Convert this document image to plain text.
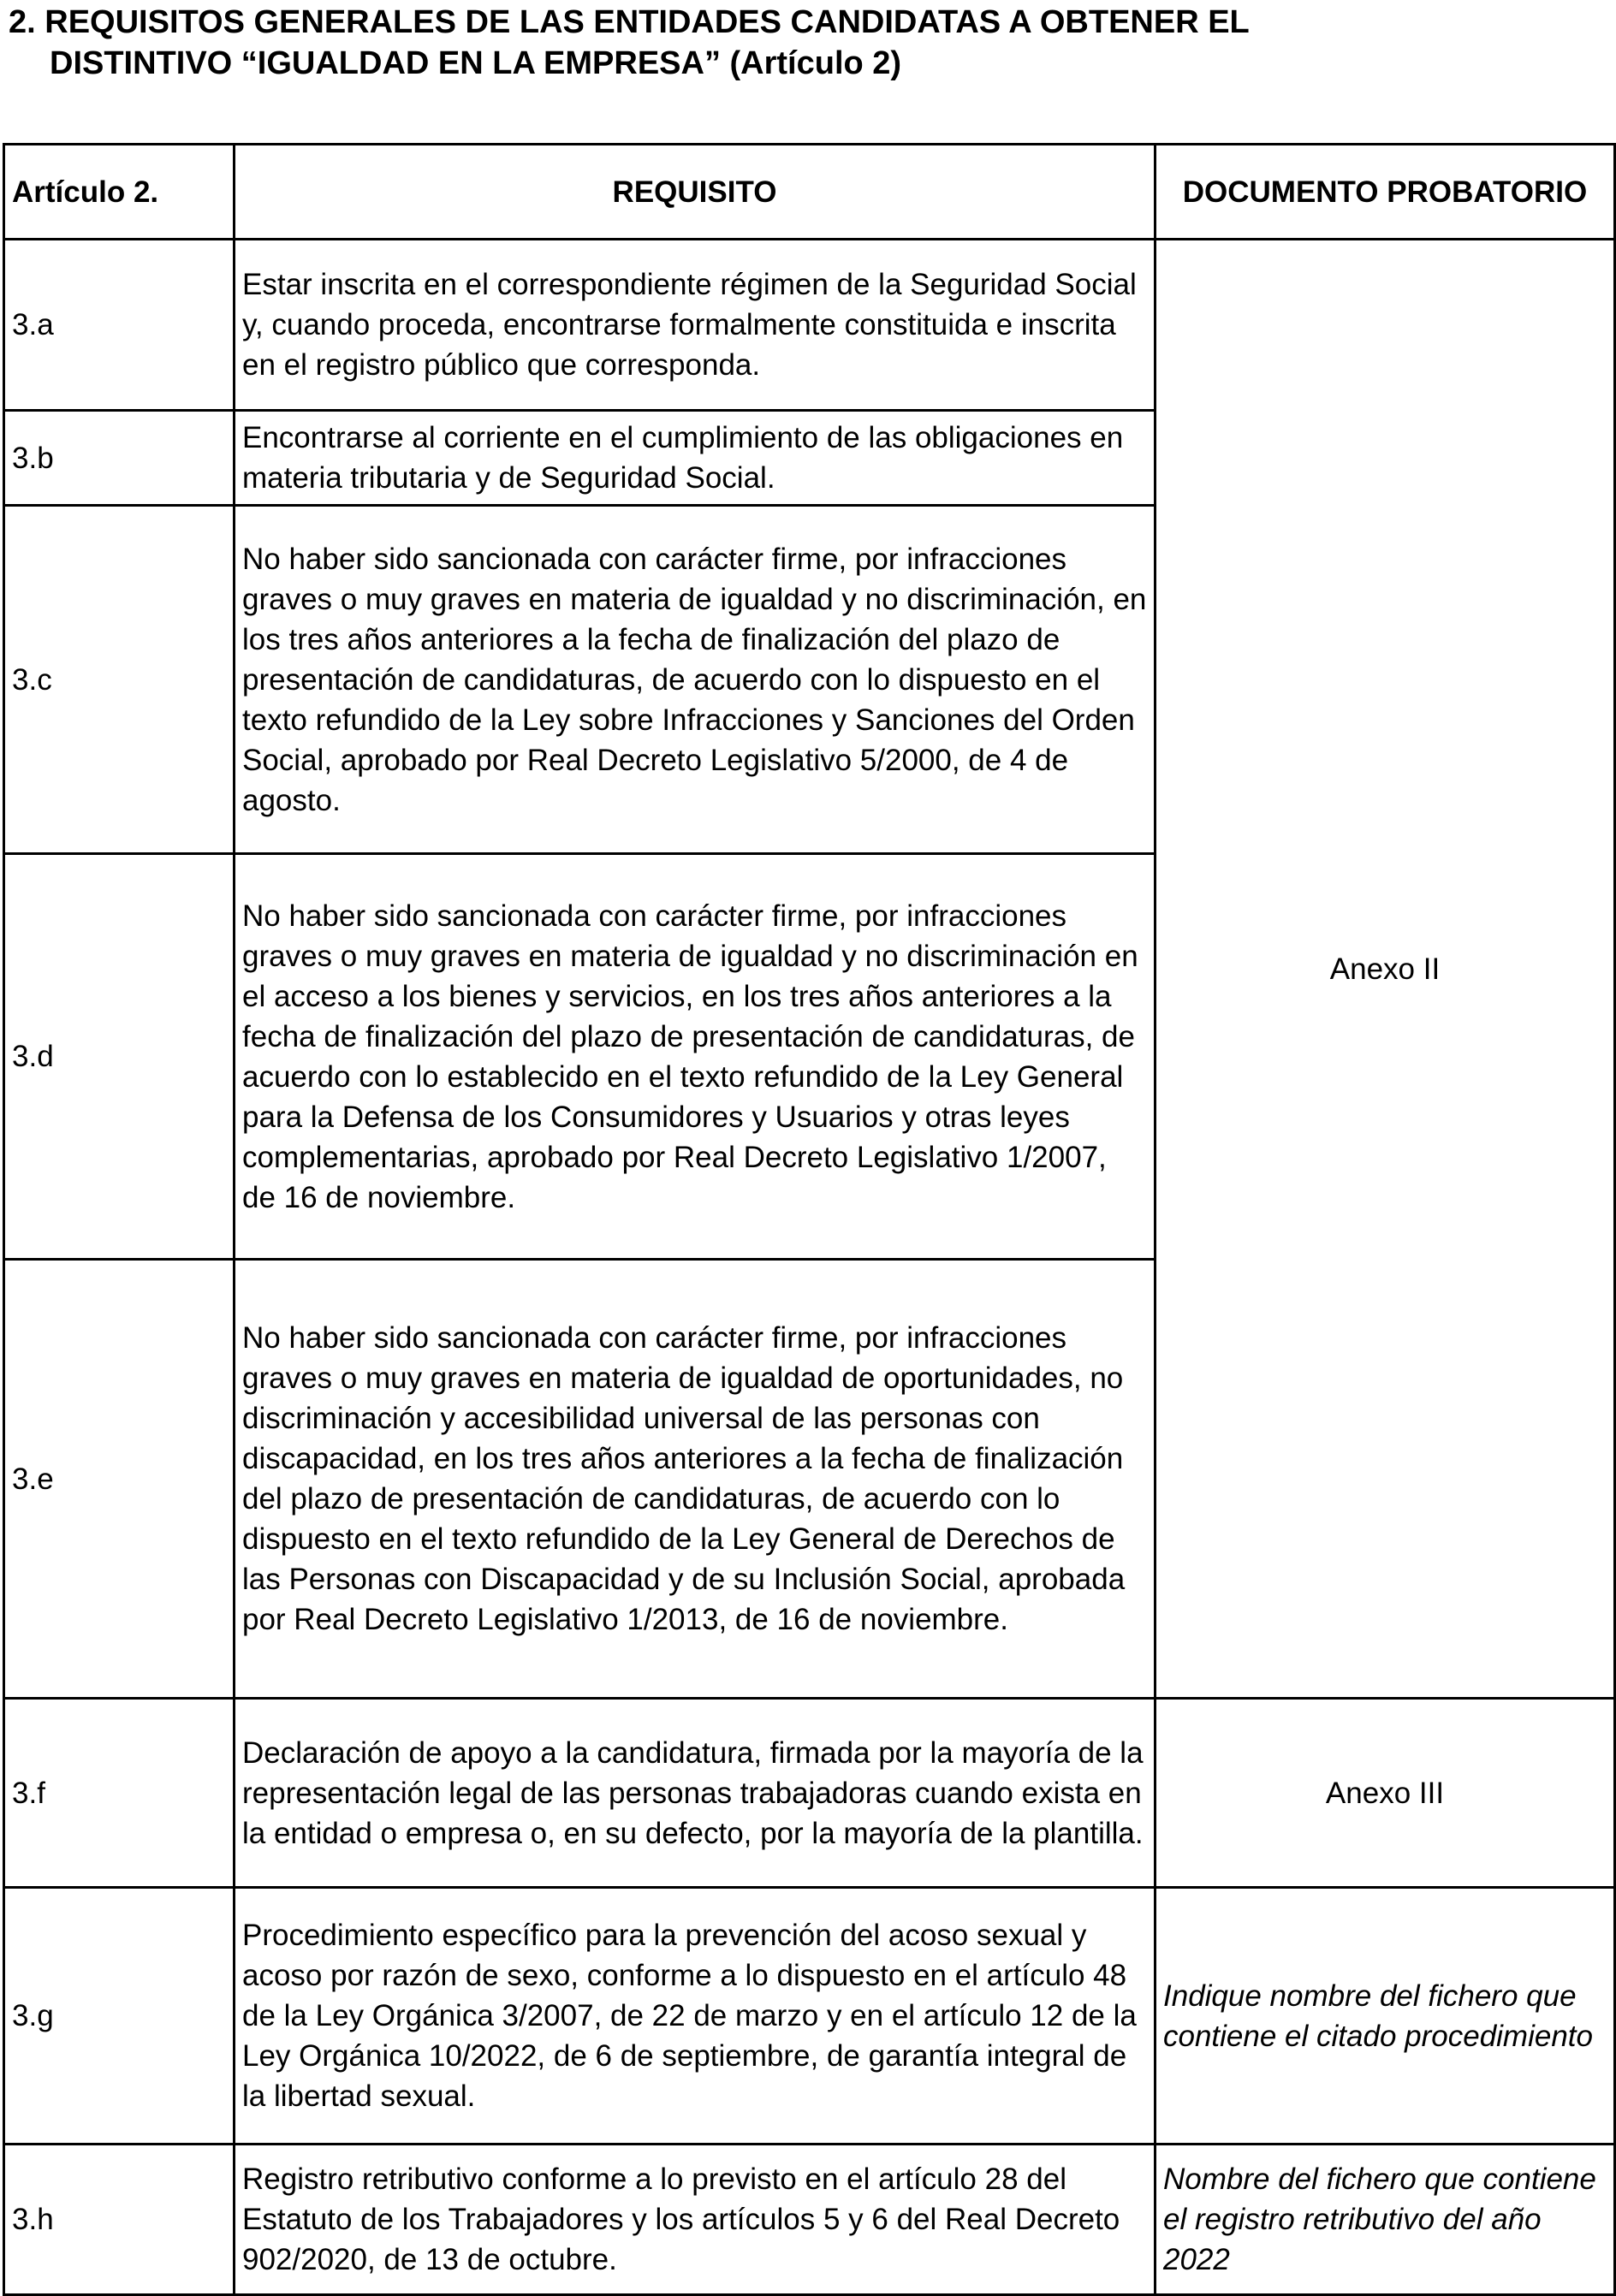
2. REQUISITOS GENERALES DE LAS ENTIDADES CANDIDATAS A OBTENER EL
DISTINTIVO “IGUALDAD EN LA EMPRESA” (Artículo 2)
Artículo 2.	REQUISITO	DOCUMENTO PROBATORIO
3.a	Estar inscrita en el correspondiente régimen de la Seguridad Social y, cuando proceda, encontrarse formalmente constituida e inscrita en el registro público que corresponda.	Anexo II
3.b	Encontrarse al corriente en el cumplimiento de las obligaciones en materia tributaria y de Seguridad Social.	
3.c	No haber sido sancionada con carácter firme, por infracciones graves o muy graves en materia de igualdad y no discriminación, en los tres años anteriores a la fecha de finalización del plazo de presentación de candidaturas, de acuerdo con lo dispuesto en el texto refundido de la Ley sobre Infracciones y Sanciones del Orden Social, aprobado por Real Decreto Legislativo 5/2000, de 4 de agosto.	
3.d	No haber sido sancionada con carácter firme, por infracciones graves o muy graves en materia de igualdad y no discriminación en el acceso a los bienes y servicios, en los tres años anteriores a la fecha de finalización del plazo de presentación de candidaturas, de acuerdo con lo establecido en el texto refundido de la Ley General para la Defensa de los Consumidores y Usuarios y otras leyes complementarias, aprobado por Real Decreto Legislativo 1/2007, de 16 de noviembre.	
3.e	No haber sido sancionada con carácter firme, por infracciones graves o muy graves en materia de igualdad de oportunidades, no discriminación y accesibilidad universal de las personas con discapacidad, en los tres años anteriores a la fecha de finalización del plazo de presentación de candidaturas, de acuerdo con lo dispuesto en el texto refundido de la Ley General de Derechos de las Personas con Discapacidad y de su Inclusión Social, aprobada por Real Decreto Legislativo 1/2013, de 16 de noviembre.	
3.f	Declaración de apoyo a la candidatura, firmada por la mayoría de la representación legal de las personas trabajadoras cuando exista en la entidad o empresa o, en su defecto, por la mayoría de la plantilla.	Anexo III
3.g	Procedimiento específico para la prevención del acoso sexual y acoso por razón de sexo, conforme a lo dispuesto en el artículo 48 de la Ley Orgánica 3/2007, de 22 de marzo y en el artículo 12 de la Ley Orgánica 10/2022, de 6 de septiembre, de garantía integral de la libertad sexual.	Indique nombre del fichero que contiene el citado procedimiento
3.h	Registro retributivo conforme a lo previsto en el artículo 28 del Estatuto de los Trabajadores y los artículos 5 y 6 del Real Decreto 902/2020, de 13 de octubre.	Nombre del fichero que contiene el registro retributivo del año 2022
